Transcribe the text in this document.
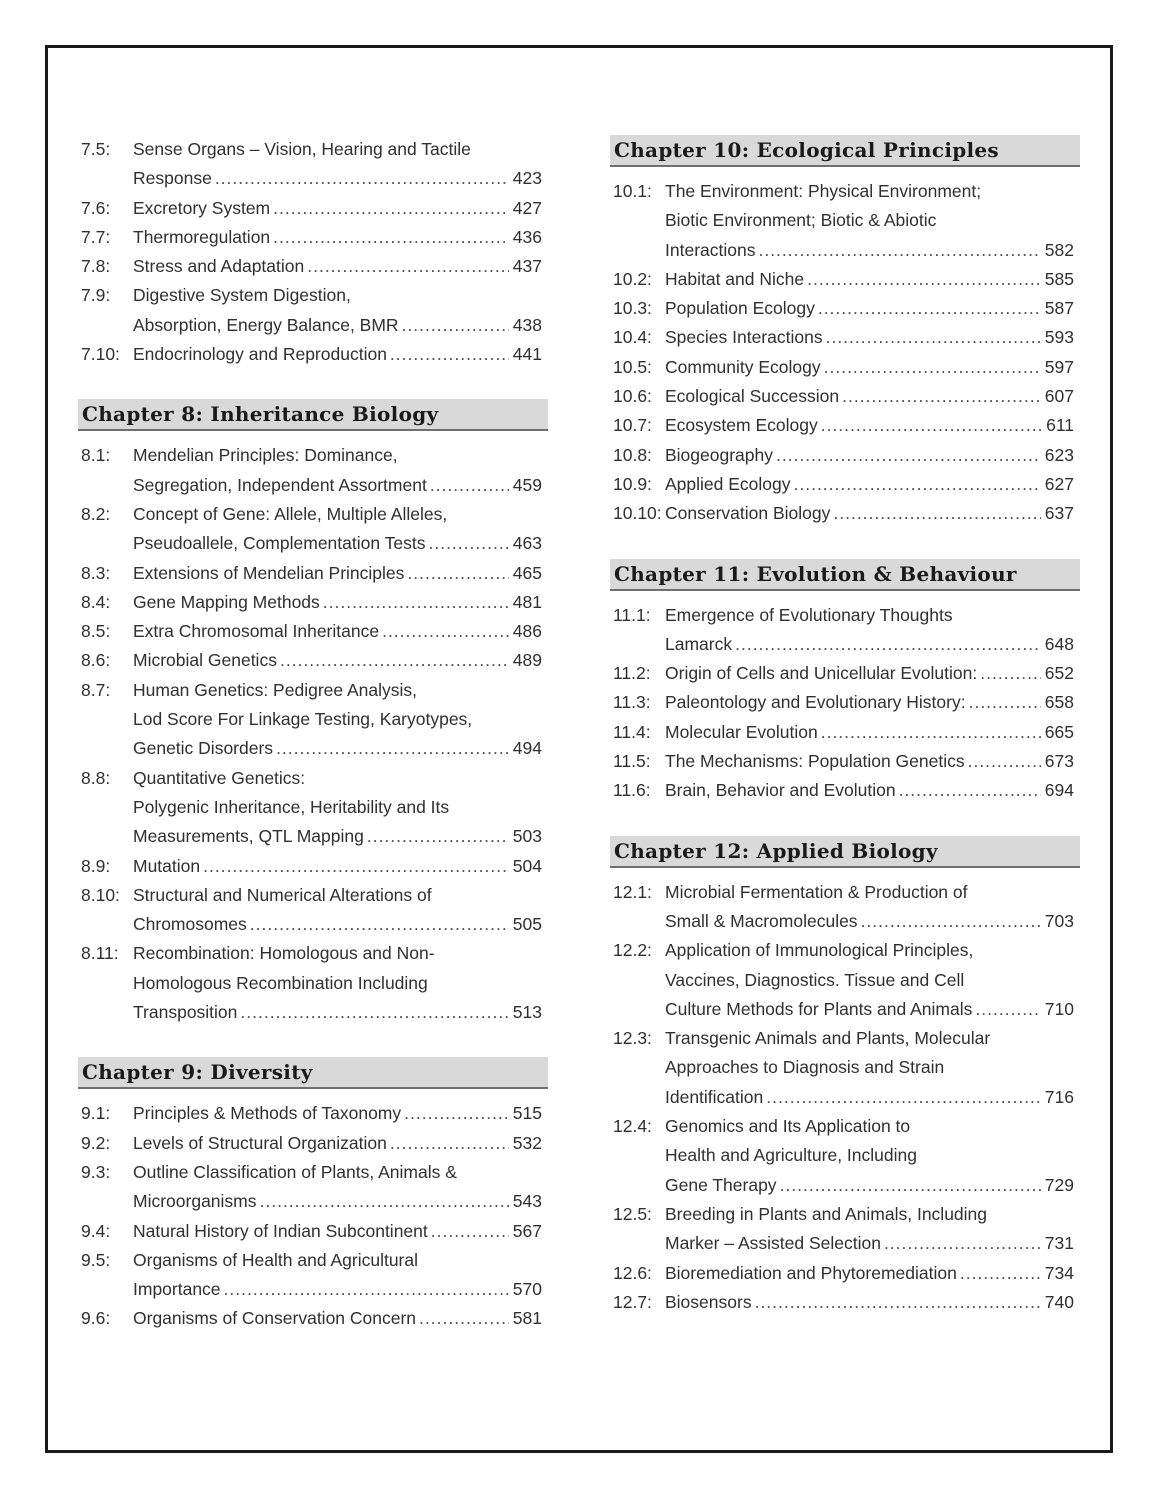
7.5: Sense Organs – Vision, Hearing and Tactile
Response .....	423
7.6: Excretory System .....	427
7.7: Thermoregulation .....	436
7.8: Stress and Adaptation .....	437
7.9: Digestive System Digestion,
Absorption, Energy Balance, BMR .....	438
7.10: Endocrinology and Reproduction .....	441
Chapter 8: Inheritance Biology
8.1: Mendelian Principles: Dominance,
Segregation, Independent Assortment .....	459
8.2: Concept of Gene: Allele, Multiple Alleles,
Pseudoallele, Complementation Tests .....	463
8.3: Extensions of Mendelian Principles .....	465
8.4: Gene Mapping Methods .....	481
8.5: Extra Chromosomal Inheritance .....	486
8.6: Microbial Genetics .....	489
8.7: Human Genetics: Pedigree Analysis,
Lod Score For Linkage Testing, Karyotypes,
Genetic Disorders .....	494
8.8: Quantitative Genetics:
Polygenic Inheritance, Heritability and Its
Measurements, QTL Mapping .....	503
8.9: Mutation .....	504
8.10: Structural and Numerical Alterations of
Chromosomes .....	505
8.11: Recombination: Homologous and Non-
Homologous Recombination Including
Transposition .....	513
Chapter 9: Diversity
9.1: Principles & Methods of Taxonomy .....	515
9.2: Levels of Structural Organization .....	532
9.3: Outline Classification of Plants, Animals &
Microorganisms .....	543
9.4: Natural History of Indian Subcontinent .....	567
9.5: Organisms of Health and Agricultural
Importance .....	570
9.6: Organisms of Conservation Concern .....	581
Chapter 10: Ecological Principles
10.1: The Environment: Physical Environment;
Biotic Environment; Biotic & Abiotic
Interactions .....	582
10.2: Habitat and Niche .....	585
10.3: Population Ecology .....	587
10.4: Species Interactions .....	593
10.5: Community Ecology .....	597
10.6: Ecological Succession .....	607
10.7: Ecosystem Ecology .....	611
10.8: Biogeography .....	623
10.9: Applied Ecology .....	627
10.10: Conservation Biology .....	637
Chapter 11: Evolution & Behaviour
11.1: Emergence of Evolutionary Thoughts
Lamarck .....	648
11.2: Origin of Cells and Unicellular Evolution: .....	652
11.3: Paleontology and Evolutionary History: .....	658
11.4: Molecular Evolution .....	665
11.5: The Mechanisms: Population Genetics .....	673
11.6: Brain, Behavior and Evolution .....	694
Chapter 12: Applied Biology
12.1: Microbial Fermentation & Production of
Small & Macromolecules .....	703
12.2: Application of Immunological Principles,
Vaccines, Diagnostics. Tissue and Cell
Culture Methods for Plants and Animals .....	710
12.3: Transgenic Animals and Plants, Molecular
Approaches to Diagnosis and Strain
Identification .....	716
12.4: Genomics and Its Application to
Health and Agriculture, Including
Gene Therapy .....	729
12.5: Breeding in Plants and Animals, Including
Marker – Assisted Selection .....	731
12.6: Bioremediation and Phytoremediation .....	734
12.7: Biosensors .....	740
